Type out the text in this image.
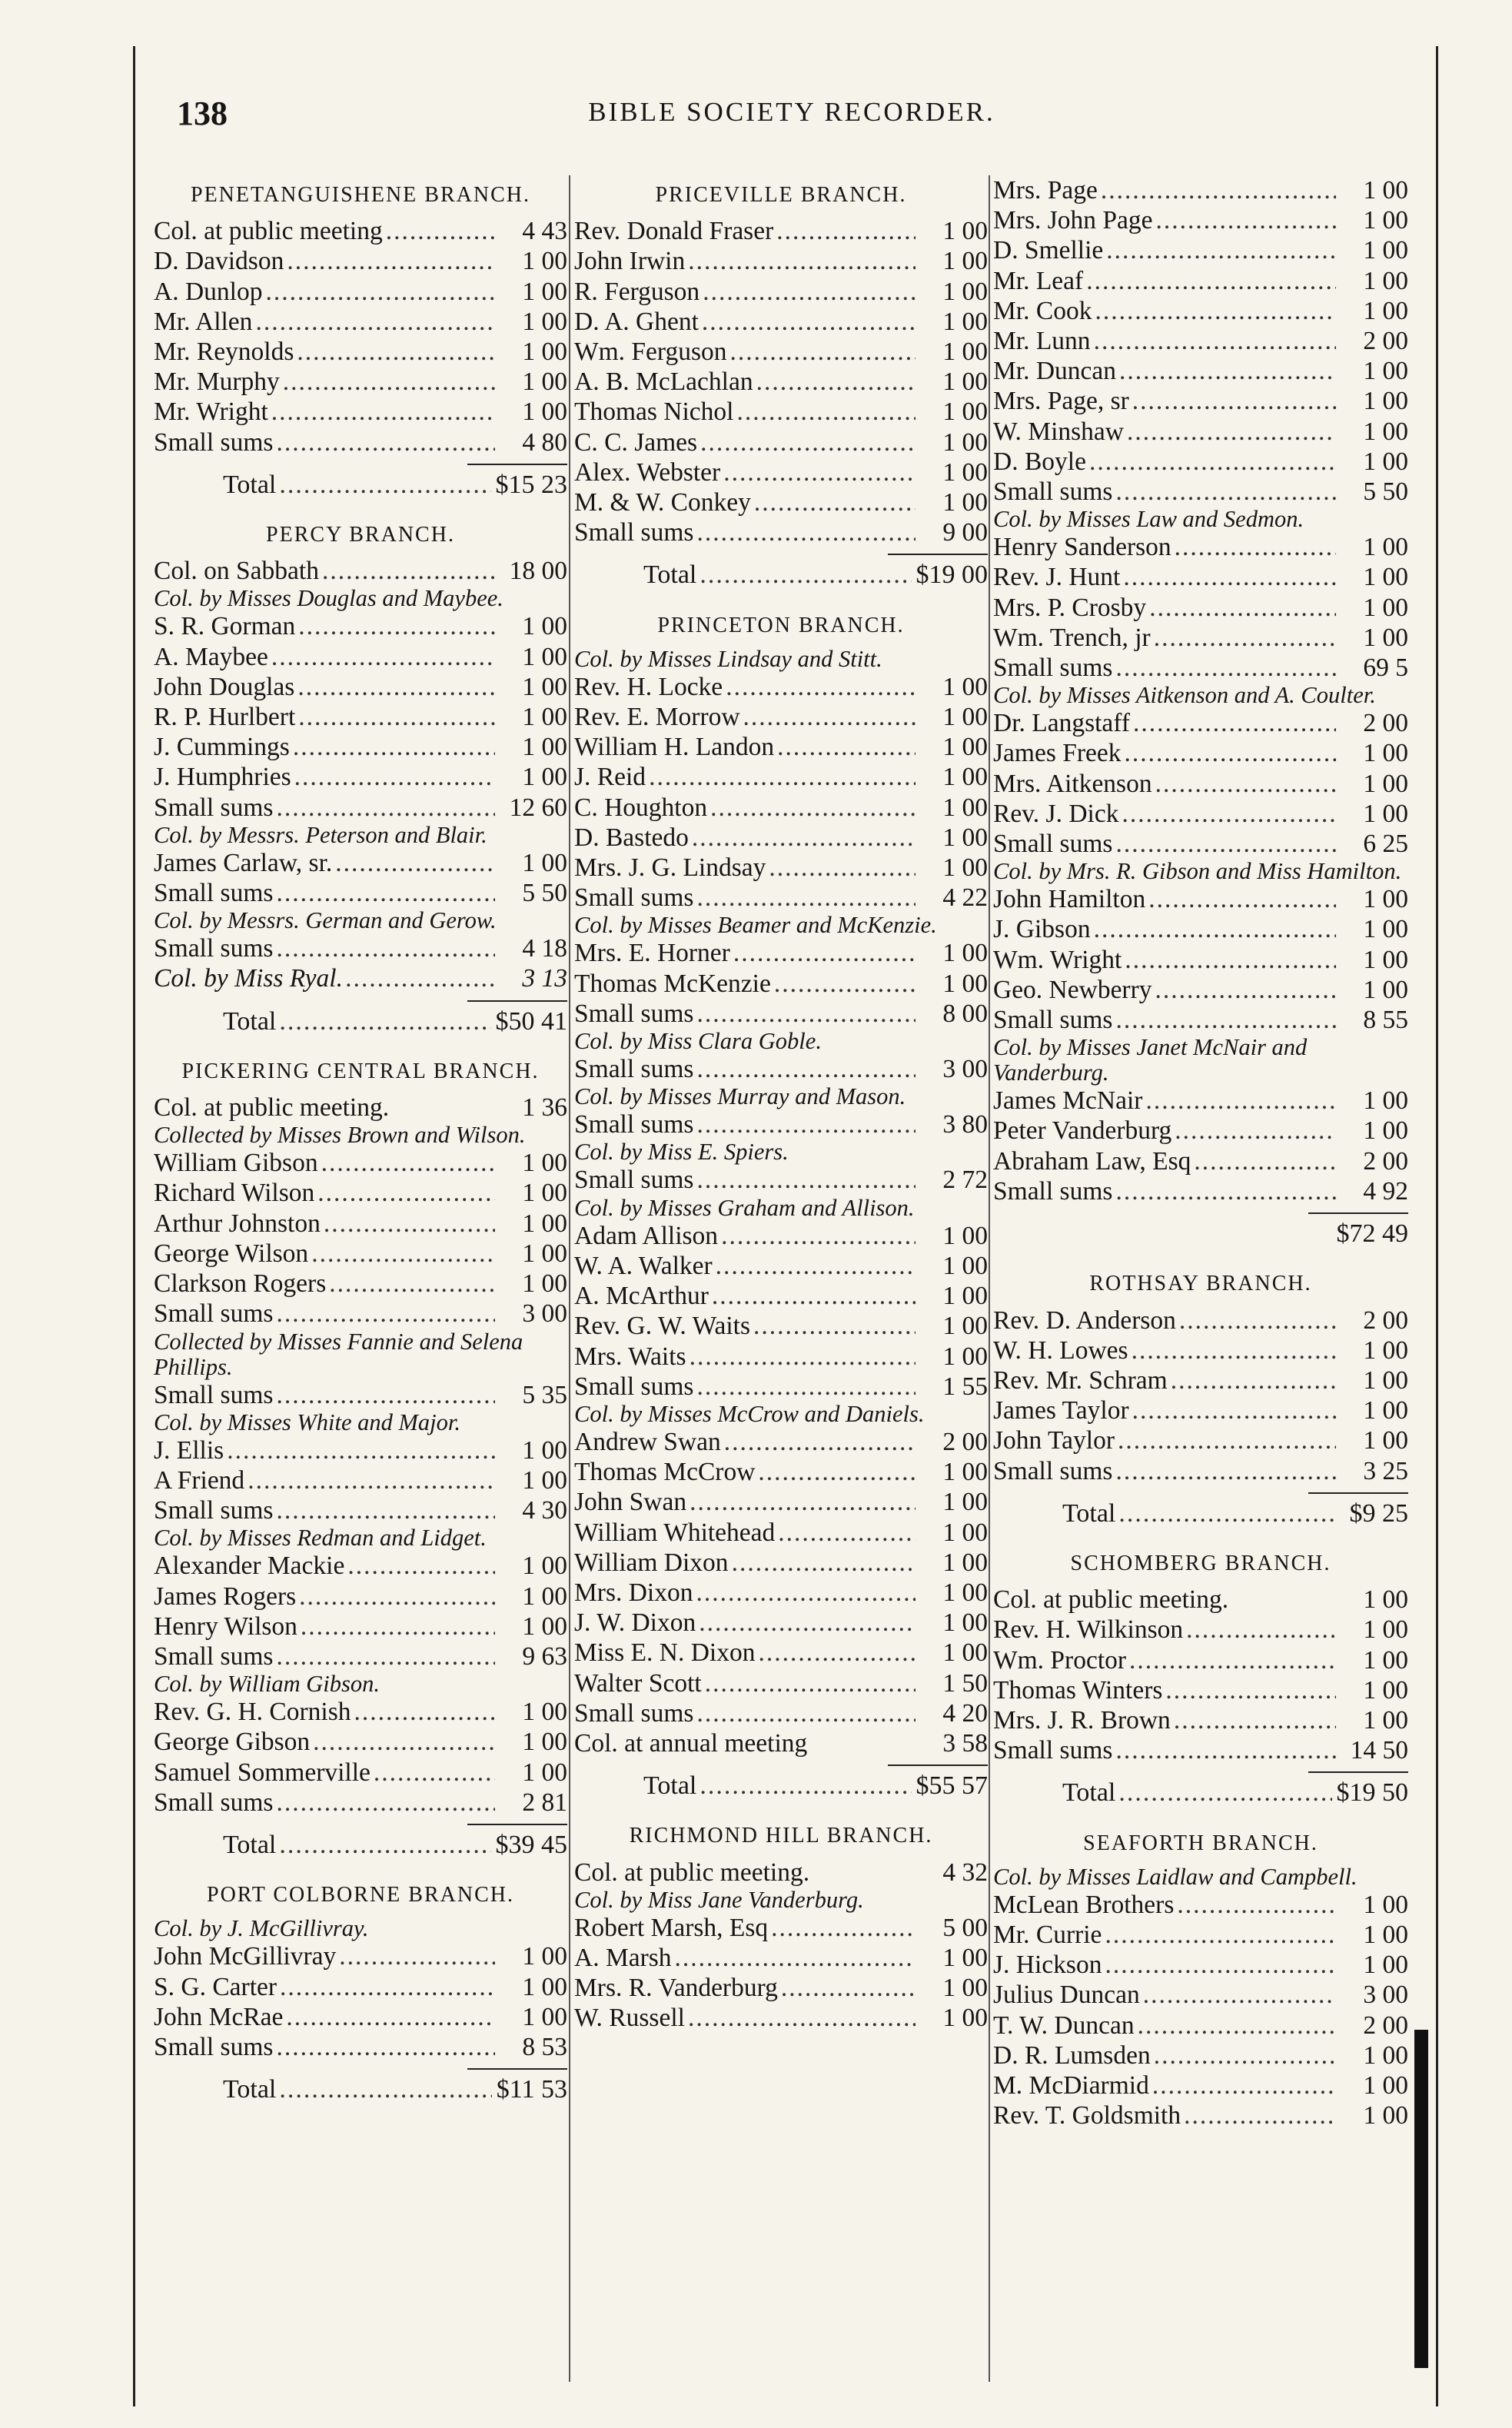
138	BIBLE SOCIETY RECORDER.
PENETANGUISHENE BRANCH.
Col. at public meeting .....	4 43
D. Davidson .....	1 00
A. Dunlop .....	1 00
Mr. Allen .....	1 00
Mr. Reynolds .....	1 00
Mr. Murphy .....	1 00
Mr. Wright .....	1 00
Small sums .....	4 80
Total .....	$15 23
PERCY BRANCH.
Col. on Sabbath .....	18 00
Col. by Misses Douglas and Maybee.
S. R. Gorman .....	1 00
A. Maybee .....	1 00
John Douglas .....	1 00
R. P. Hurlbert .....	1 00
J. Cummings .....	1 00
J. Humphries .....	1 00
Small sums .....	12 60
Col. by Messrs. Peterson and Blair.
James Carlaw, sr. .....	1 00
Small sums .....	5 50
Col. by Messrs. German and Gerow.
Small sums .....	4 18
Col. by Miss Ryal. .....	3 13
Total .....	$50 41
PICKERING CENTRAL BRANCH.
Col. at public meeting.	1 36
Collected by Misses Brown and Wilson.
William Gibson .....	1 00
Richard Wilson .....	1 00
Arthur Johnston .....	1 00
George Wilson .....	1 00
Clarkson Rogers .....	1 00
Small sums .....	3 00
Collected by Misses Fannie and Selena Phillips.
Small sums .....	5 35
Col. by Misses White and Major.
J. Ellis .....	1 00
A Friend .....	1 00
Small sums .....	4 30
Col. by Misses Redman and Lidget.
Alexander Mackie .....	1 00
James Rogers .....	1 00
Henry Wilson .....	1 00
Small sums .....	9 63
Col. by William Gibson.
Rev. G. H. Cornish .....	1 00
George Gibson .....	1 00
Samuel Sommerville .....	1 00
Small sums .....	2 81
Total .....	$39 45
PORT COLBORNE BRANCH.
Col. by J. McGillivray.
John McGillivray .....	1 00
S. G. Carter .....	1 00
John McRae .....	1 00
Small sums .....	8 53
Total .....	$11 53
PRICEVILLE BRANCH.
Rev. Donald Fraser .....	1 00
John Irwin .....	1 00
R. Ferguson .....	1 00
D. A. Ghent .....	1 00
Wm. Ferguson .....	1 00
A. B. McLachlan .....	1 00
Thomas Nichol .....	1 00
C. C. James .....	1 00
Alex. Webster .....	1 00
M. & W. Conkey .....	1 00
Small sums .....	9 00
Total .....	$19 00
PRINCETON BRANCH.
Col. by Misses Lindsay and Stitt.
Rev. H. Locke .....	1 00
Rev. E. Morrow .....	1 00
William H. Landon .....	1 00
J. Reid .....	1 00
C. Houghton .....	1 00
D. Bastedo .....	1 00
Mrs. J. G. Lindsay .....	1 00
Small sums .....	4 22
Col. by Misses Beamer and McKenzie.
Mrs. E. Horner .....	1 00
Thomas McKenzie .....	1 00
Small sums .....	8 00
Col. by Miss Clara Goble.
Small sums .....	3 00
Col. by Misses Murray and Mason.
Small sums .....	3 80
Col. by Miss E. Spiers.
Small sums .....	2 72
Col. by Misses Graham and Allison.
Adam Allison .....	1 00
W. A. Walker .....	1 00
A. McArthur .....	1 00
Rev. G. W. Waits .....	1 00
Mrs. Waits .....	1 00
Small sums .....	1 55
Col. by Misses McCrow and Daniels.
Andrew Swan .....	2 00
Thomas McCrow .....	1 00
John Swan .....	1 00
William Whitehead .....	1 00
William Dixon .....	1 00
Mrs. Dixon .....	1 00
J. W. Dixon .....	1 00
Miss E. N. Dixon .....	1 00
Walter Scott .....	1 50
Small sums .....	4 20
Col. at annual meeting	3 58
Total .....	$55 57
RICHMOND HILL BRANCH.
Col. at public meeting.	4 32
Col. by Miss Jane Vanderburg.
Robert Marsh, Esq .....	5 00
A. Marsh .....	1 00
Mrs. R. Vanderburg .....	1 00
W. Russell .....	1 00
Mrs. Page .....	1 00
Mrs. John Page .....	1 00
D. Smellie .....	1 00
Mr. Leaf .....	1 00
Mr. Cook .....	1 00
Mr. Lunn .....	2 00
Mr. Duncan .....	1 00
Mrs. Page, sr .....	1 00
W. Minshaw .....	1 00
D. Boyle .....	1 00
Small sums .....	5 50
Col. by Misses Law and Sedmon.
Henry Sanderson .....	1 00
Rev. J. Hunt .....	1 00
Mrs. P. Crosby .....	1 00
Wm. Trench, jr .....	1 00
Small sums .....	69 5
Col. by Misses Aitkenson and A. Coulter.
Dr. Langstaff .....	2 00
James Freek .....	1 00
Mrs. Aitkenson .....	1 00
Rev. J. Dick .....	1 00
Small sums .....	6 25
Col. by Mrs. R. Gibson and Miss Hamilton.
John Hamilton .....	1 00
J. Gibson .....	1 00
Wm. Wright .....	1 00
Geo. Newberry .....	1 00
Small sums .....	8 55
Col. by Misses Janet McNair and Vanderburg.
James McNair .....	1 00
Peter Vanderburg .....	1 00
Abraham Law, Esq .....	2 00
Small sums .....	4 92
$72 49
ROTHSAY BRANCH.
Rev. D. Anderson .....	2 00
W. H. Lowes .....	1 00
Rev. Mr. Schram .....	1 00
James Taylor .....	1 00
John Taylor .....	1 00
Small sums .....	3 25
Total .....	$9 25
SCHOMBERG BRANCH.
Col. at public meeting.	1 00
Rev. H. Wilkinson .....	1 00
Wm. Proctor .....	1 00
Thomas Winters .....	1 00
Mrs. J. R. Brown .....	1 00
Small sums .....	14 50
Total .....	$19 50
SEAFORTH BRANCH.
Col. by Misses Laidlaw and Campbell.
McLean Brothers .....	1 00
Mr. Currie .....	1 00
J. Hickson .....	1 00
Julius Duncan .....	3 00
T. W. Duncan .....	2 00
D. R. Lumsden .....	1 00
M. McDiarmid .....	1 00
Rev. T. Goldsmith .....	1 00
